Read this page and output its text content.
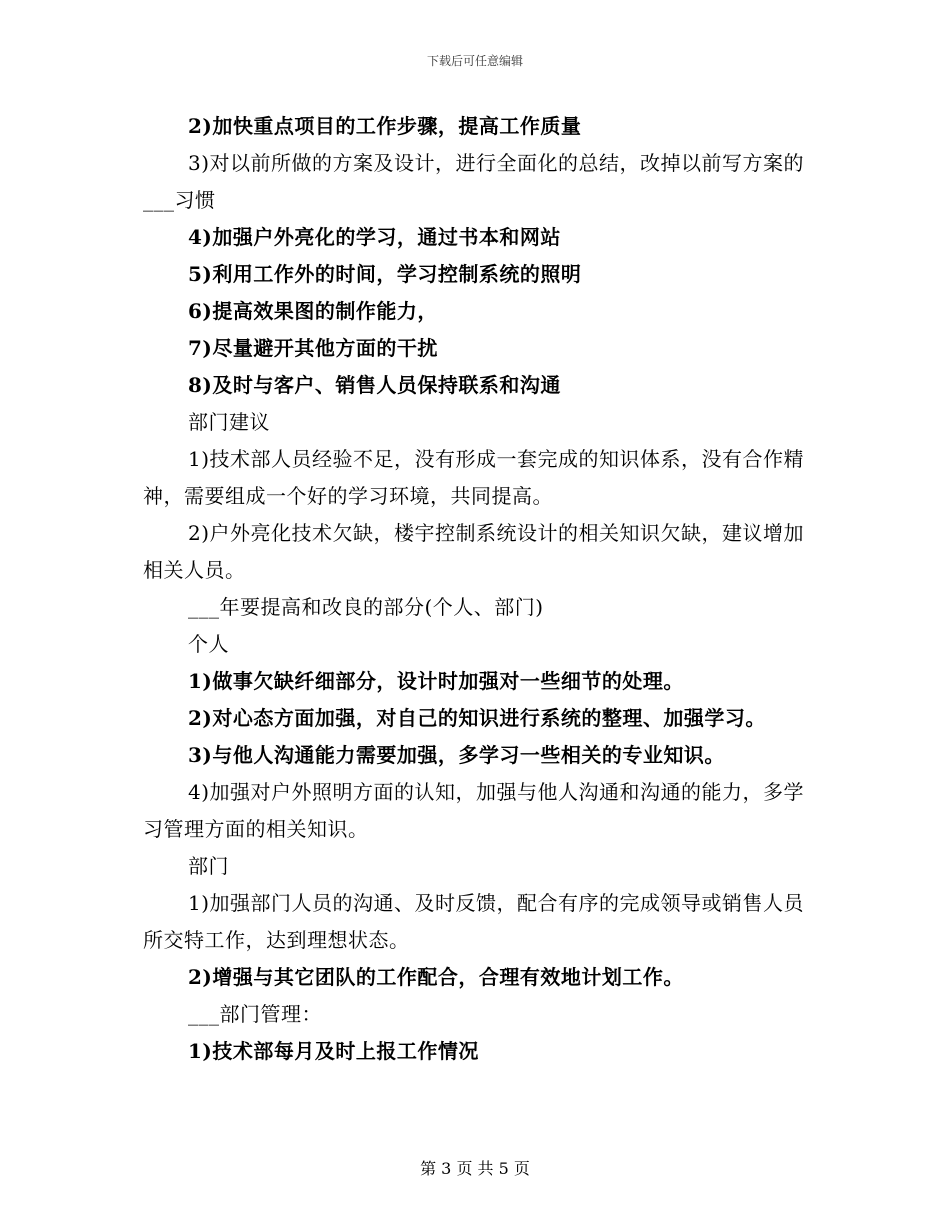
下载后可任意编辑

2)加快重点项目的工作步骤，提高工作质量

3)对以前所做的方案及设计，进行全面化的总结，改掉以前写方案的___习惯

4)加强户外亮化的学习，通过书本和网站

5)利用工作外的时间，学习控制系统的照明

6)提高效果图的制作能力，

7)尽量避开其他方面的干扰

8)及时与客户、销售人员保持联系和沟通

部门建议

1)技术部人员经验不足，没有形成一套完成的知识体系，没有合作精神，需要组成一个好的学习环境，共同提高。

2)户外亮化技术欠缺，楼宇控制系统设计的相关知识欠缺，建议增加相关人员。

___年要提高和改良的部分(个人、部门)

个人

1)做事欠缺纤细部分，设计时加强对一些细节的处理。

2)对心态方面加强，对自己的知识进行系统的整理、加强学习。

3)与他人沟通能力需要加强，多学习一些相关的专业知识。

4)加强对户外照明方面的认知，加强与他人沟通和沟通的能力，多学习管理方面的相关知识。

部门

1)加强部门人员的沟通、及时反馈，配合有序的完成领导或销售人员所交特工作，达到理想状态。

2)增强与其它团队的工作配合，合理有效地计划工作。

___部门管理：

1)技术部每月及时上报工作情况

第 3 页 共 5 页
